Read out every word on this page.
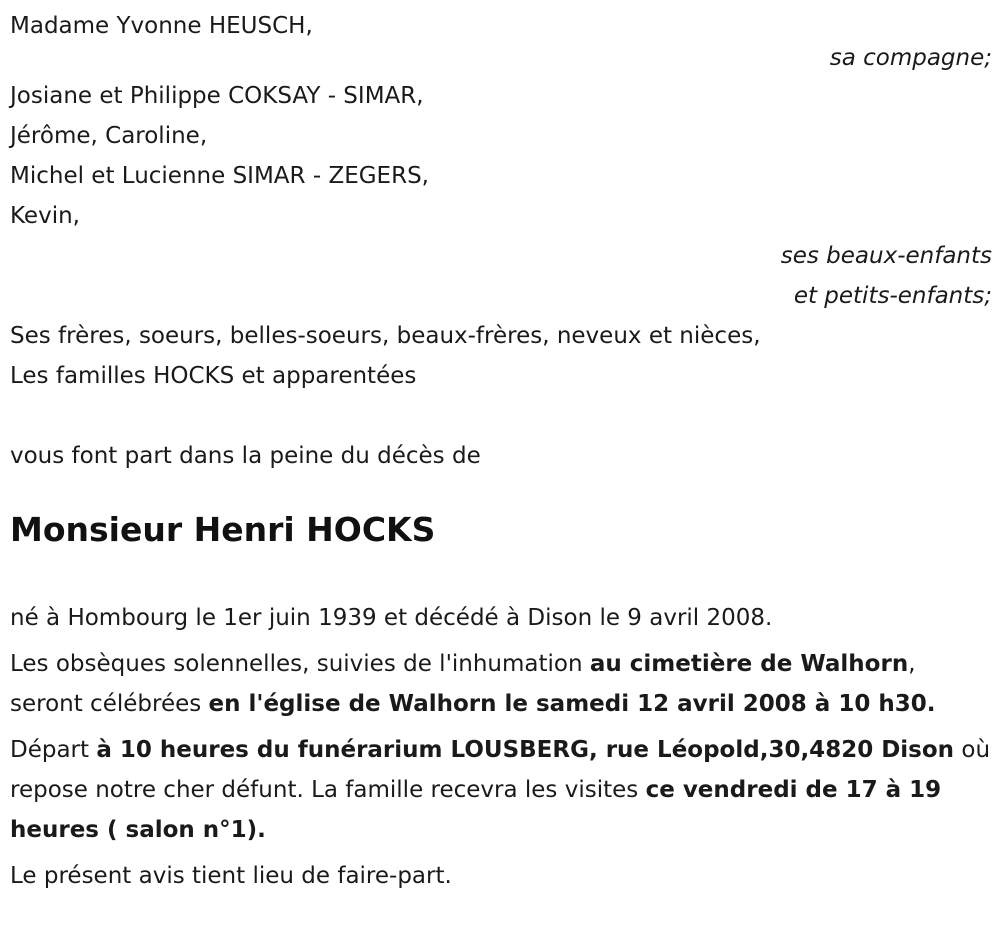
Madame Yvonne HEUSCH,
sa compagne;
Josiane et Philippe COKSAY - SIMAR,
Jérôme, Caroline,
Michel et Lucienne SIMAR - ZEGERS,
Kevin,
ses beaux-enfants
et petits-enfants;
Ses frères, soeurs, belles-soeurs, beaux-frères, neveux et nièces,
Les familles HOCKS et apparentées
vous font part dans la peine du décès de
Monsieur Henri HOCKS

né à Hombourg le 1er juin 1939 et décédé à Dison le 9 avril 2008.

Les obsèques solennelles, suivies de l'inhumation au cimetière de Walhorn, seront célébrées en l'église de Walhorn le samedi 12 avril 2008 à 10 h30.

Départ à 10 heures du funérarium LOUSBERG, rue Léopold,30,4820 Dison où repose notre cher défunt. La famille recevra les visites ce vendredi de 17 à 19 heures ( salon n°1).

Le présent avis tient lieu de faire-part.
